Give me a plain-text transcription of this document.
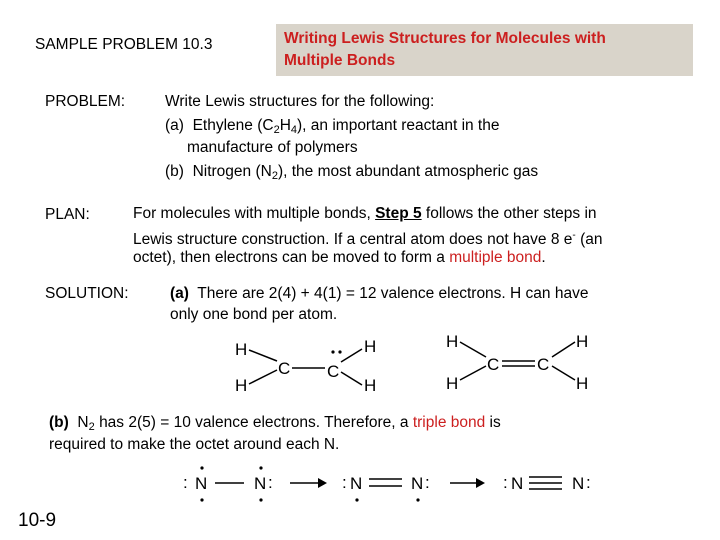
SAMPLE PROBLEM 10.3	Writing Lewis Structures for Molecules with
Multiple Bonds
PROBLEM:	Write Lewis structures for the following:
(a) Ethylene $(C_2H_4)$, an important reactant in the
manufacture of polymers
(b) Nitrogen $(N_2)$, the most abundant atmospheric gas
PLAN:	For molecules with multiple bonds, Step 5 follows the other steps in
Lewis structure construction. If a central atom does not have 8 e- (an
octet), then electrons can be moved to form a multiple bond.
SOLUTION:	(a) There are 2(4) + 4(1) = 12 valence electrons. H can have
only one bond per atom.
H
H
C C
H
H
H
H
C C
H
H
: N	N :	: N	N :	: N	N :
(b) $N_2$ has 2(5) = 10 valence electrons. Therefore, a triple bond is
required to make the octet around each N.
10-9
